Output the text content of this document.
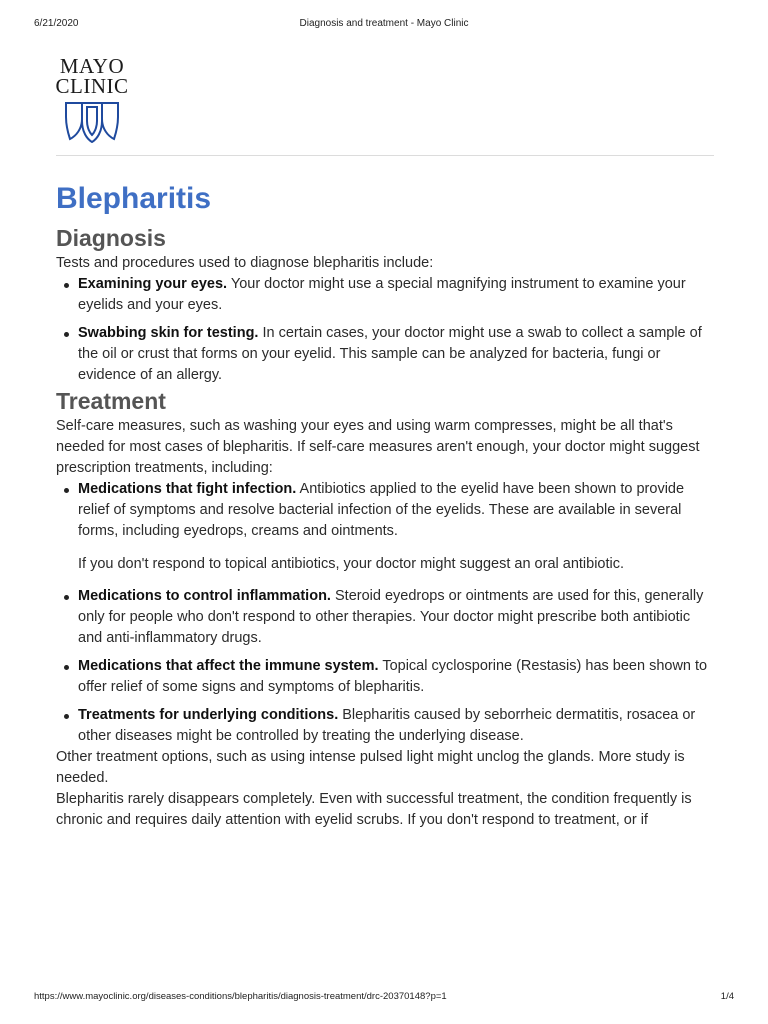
6/21/2020	Diagnosis and treatment - Mayo Clinic
MAYO
CLINIC
Blepharitis
Diagnosis

Tests and procedures used to diagnose blepharitis include:

Examining your eyes. Your doctor might use a special magnifying instrument to examine your eyelids and your eyes.
Swabbing skin for testing. In certain cases, your doctor might use a swab to collect a sample of the oil or crust that forms on your eyelid. This sample can be analyzed for bacteria, fungi or evidence of an allergy.
Treatment

Self-care measures, such as washing your eyes and using warm compresses, might be all that's needed for most cases of blepharitis. If self-care measures aren't enough, your doctor might suggest prescription treatments, including:

Medications that fight infection. Antibiotics applied to the eyelid have been shown to provide relief of symptoms and resolve bacterial infection of the eyelids. These are available in several forms, including eyedrops, creams and ointments.
If you don't respond to topical antibiotics, your doctor might suggest an oral antibiotic.
Medications to control inflammation. Steroid eyedrops or ointments are used for this, generally only for people who don't respond to other therapies. Your doctor might prescribe both antibiotic and anti-inflammatory drugs.
Medications that affect the immune system. Topical cyclosporine (Restasis) has been shown to offer relief of some signs and symptoms of blepharitis.
Treatments for underlying conditions. Blepharitis caused by seborrheic dermatitis, rosacea or other diseases might be controlled by treating the underlying disease.

Other treatment options, such as using intense pulsed light might unclog the glands. More study is needed.

Blepharitis rarely disappears completely. Even with successful treatment, the condition frequently is chronic and requires daily attention with eyelid scrubs. If you don't respond to treatment, or if

https://www.mayoclinic.org/diseases-conditions/blepharitis/diagnosis-treatment/drc-20370148?p=1	1/4
